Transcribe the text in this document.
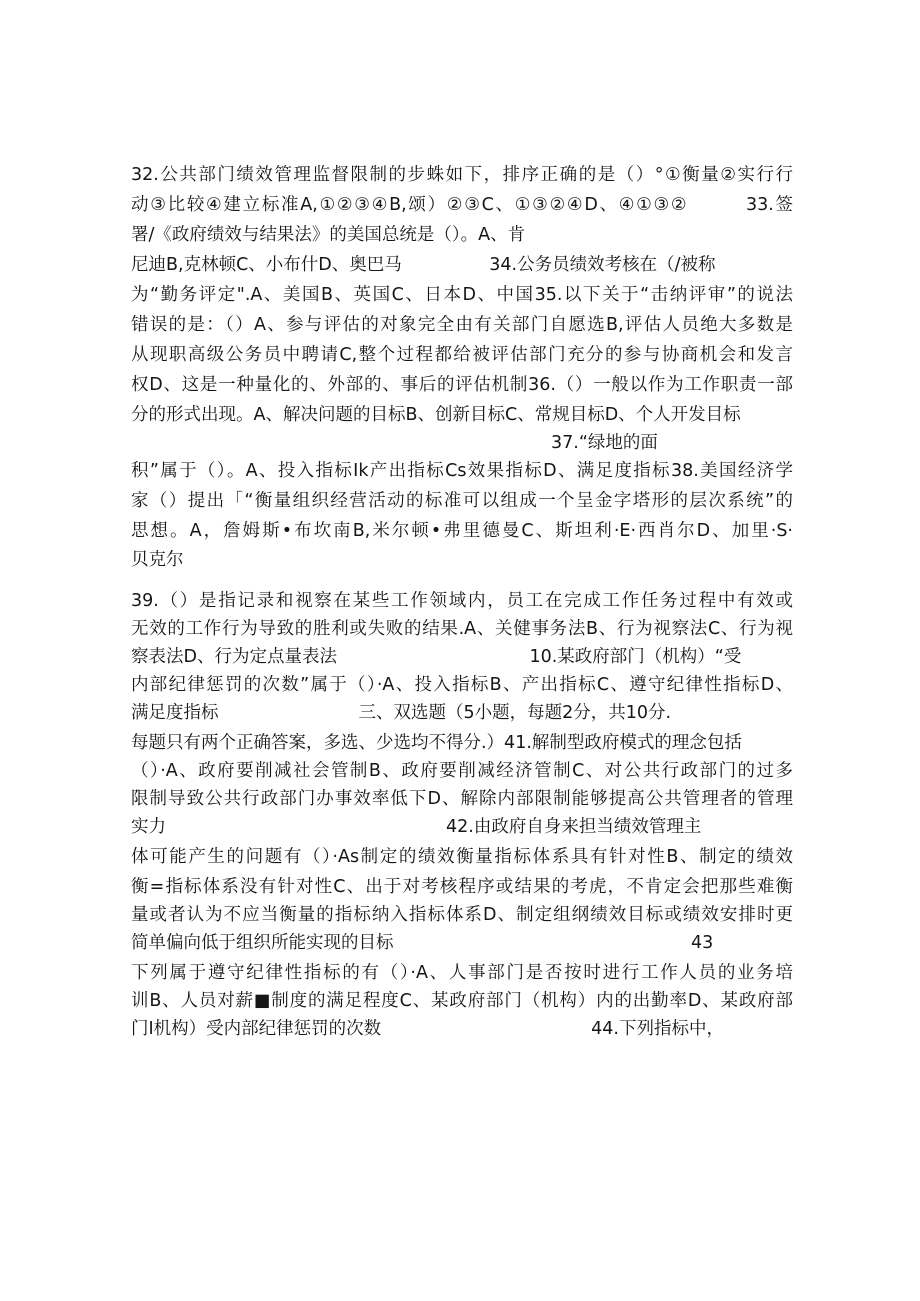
32.公共部门绩效管理监督限制的步蛛如下，排序正确的是（）°①衡量②实行行
动③比较④建立标准A,①②③④B,颂）②③C、①③②④D、④①③②　　　33.签
署/《政府绩效与结果法》的美国总统是（）。A、肯
尼迪B,克林顿C、小布什D、奥巴马　　　　　34.公务员绩效考核在（/被称
为“勤务评定".A、美国B、英国C、日本D、中国35.以下关于“击纳评审”的说法
错误的是：（）A、参与评估的对象完全由有关部门自愿选B,评估人员绝大多数是
从现职高级公务员中聘请C,整个过程都给被评估部门充分的参与协商机会和发言
权D、这是一种量化的、外部的、事后的评估机制36.（）一般以作为工作职责一部
分的形式出现。A、解决问题的目标B、创新目标C、常规目标D、个人开发目标
　　　　　　　　　　　　　　　　　　　　　　　　37.“绿地的面
积”属于（）。A、投入指标Ik产出指标Cs效果指标D、满足度指标38.美国经济学
家（）提出「“衡量组织经营活动的标准可以组成一个呈金字塔形的层次系统”的
思想。A，詹姆斯•布坎南B,米尔顿•弗里德曼C、斯坦利·E·西肖尔D、加里·S·
贝克尔
39.（）是指记录和视察在某些工作领域内，员工在完成工作任务过程中有效或
无效的工作行为导致的胜利或失败的结果.A、关健事务法B、行为视察法C、行为视
察表法D、行为定点量表法　　　　　　　　　　　10.某政府部门（机构）“受
内部纪律惩罚的次数”属于（）·A、投入指标B、产出指标C、遵守纪律性指标D、
满足度指标　　　　　　　　三、双选题（5小题，每题2分，共10分.
每题只有两个正确答案，多选、少选均不得分.）41.解制型政府模式的理念包括
（）·A、政府要削减社会管制B、政府要削减经济管制C、对公共行政部门的过多
限制导致公共行政部门办事效率低下D、解除内部限制能够提高公共管理者的管理
实力　　　　　　　　　　　　　　　　42.由政府自身来担当绩效管理主
体可能产生的问题有（）·As制定的绩效衡量指标体系具有针对性B、制定的绩效
衡=指标体系没有针对性C、出于对考核程序或结果的考虎，不肯定会把那些难衡
量或者认为不应当衡量的指标纳入指标体系D、制定组纲绩效目标或绩效安排时更
简单偏向低于组织所能实现的目标　　　　　　　　　　　　　　　　　43
下列属于遵守纪律性指标的有（）·A、人事部门是否按时进行工作人员的业务培
训B、人员对薪■制度的满足程度C、某政府部门（机构）内的出勤率D、某政府部
门I机构）受内部纪律惩罚的次数　　　　　　　　　　　　44.下列指标中，
